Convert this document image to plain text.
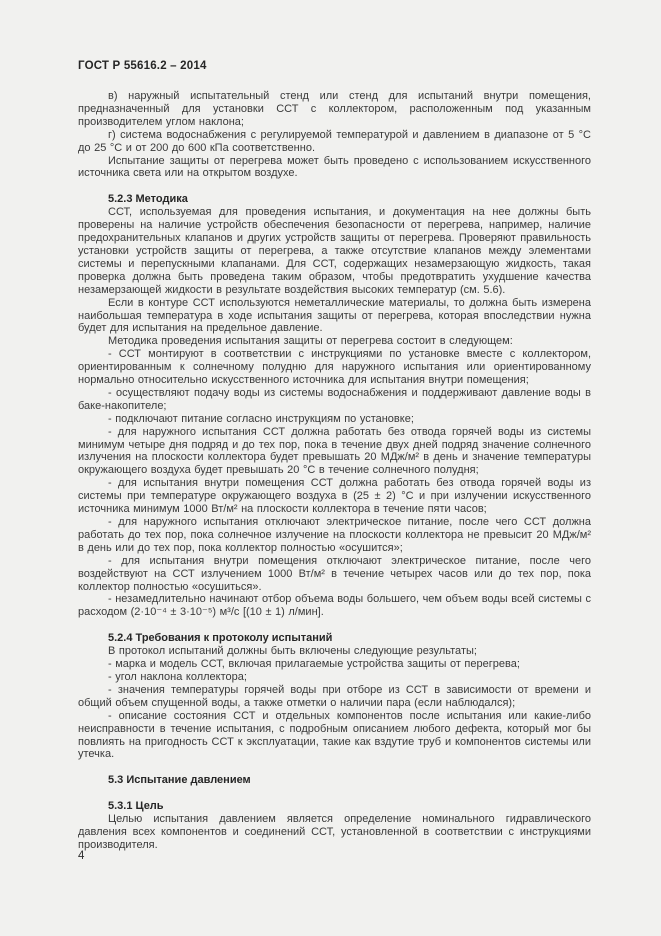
ГОСТ Р 55616.2 – 2014

в) наружный испытательный стенд или стенд для испытаний внутри помещения, предназначенный для установки ССТ с коллектором, расположенным под указанным производителем углом наклона;

г) система водоснабжения с регулируемой температурой и давлением в диапазоне от 5 °С до 25 °С и от 200 до 600 кПа соответственно.

Испытание защиты от перегрева может быть проведено с использованием искусственного источника света или на открытом воздухе.

5.2.3 Методика

ССТ, используемая для проведения испытания, и документация на нее должны быть проверены на наличие устройств обеспечения безопасности от перегрева, например, наличие предохранительных клапанов и других устройств защиты от перегрева. Проверяют правильность установки устройств защиты от перегрева, а также отсутствие клапанов между элементами системы и перепускными клапанами. Для ССТ, содержащих незамерзающую жидкость, такая проверка должна быть проведена таким образом, чтобы предотвратить ухудшение качества незамерзающей жидкости в результате воздействия высоких температур (см. 5.6).

Если в контуре ССТ используются неметаллические материалы, то должна быть измерена наибольшая температура в ходе испытания защиты от перегрева, которая впоследствии нужна будет для испытания на предельное давление.

Методика проведения испытания защиты от перегрева состоит в следующем:

- ССТ монтируют в соответствии с инструкциями по установке вместе с коллектором, ориентированным к солнечному полудню для наружного испытания или ориентированному нормально относительно искусственного источника для испытания внутри помещения;

- осуществляют подачу воды из системы водоснабжения и поддерживают давление воды в баке-накопителе;

- подключают питание согласно инструкциям по установке;

- для наружного испытания ССТ должна работать без отвода горячей воды из системы минимум четыре дня подряд и до тех пор, пока в течение двух дней подряд значение солнечного излучения на плоскости коллектора будет превышать 20 МДж/м² в день и значение температуры окружающего воздуха будет превышать 20 °С в течение солнечного полудня;

- для испытания внутри помещения ССТ должна работать без отвода горячей воды из системы при температуре окружающего воздуха в (25 ± 2) °С и при излучении искусственного источника минимум 1000 Вт/м² на плоскости коллектора в течение пяти часов;

- для наружного испытания отключают электрическое питание, после чего ССТ должна работать до тех пор, пока солнечное излучение на плоскости коллектора не превысит 20 МДж/м² в день или до тех пор, пока коллектор полностью «осушится»;

- для испытания внутри помещения отключают электрическое питание, после чего воздействуют на ССТ излучением 1000 Вт/м² в течение четырех часов или до тех пор, пока коллектор полностью «осушиться».

- незамедлительно начинают отбор объема воды большего, чем объем воды всей системы с расходом (2·10⁻⁴ ± 3·10⁻⁵) м³/с [(10 ± 1) л/мин].

5.2.4 Требования к протоколу испытаний

В протокол испытаний должны быть включены следующие результаты;

- марка и модель ССТ, включая прилагаемые устройства защиты от перегрева;

- угол наклона коллектора;

- значения температуры горячей воды при отборе из ССТ в зависимости от времени и общий объем спущенной воды, а также отметки о наличии пара (если наблюдался);

- описание состояния ССТ и отдельных компонентов после испытания или какие-либо неисправности в течение испытания, с подробным описанием любого дефекта, который мог бы повлиять на пригодность ССТ к эксплуатации, такие как вздутие труб и компонентов системы или утечка.

5.3 Испытание давлением

5.3.1 Цель

Целью испытания давлением является определение номинального гидравлического давления всех компонентов и соединений ССТ, установленной в соответствии с инструкциями производителя.

4
